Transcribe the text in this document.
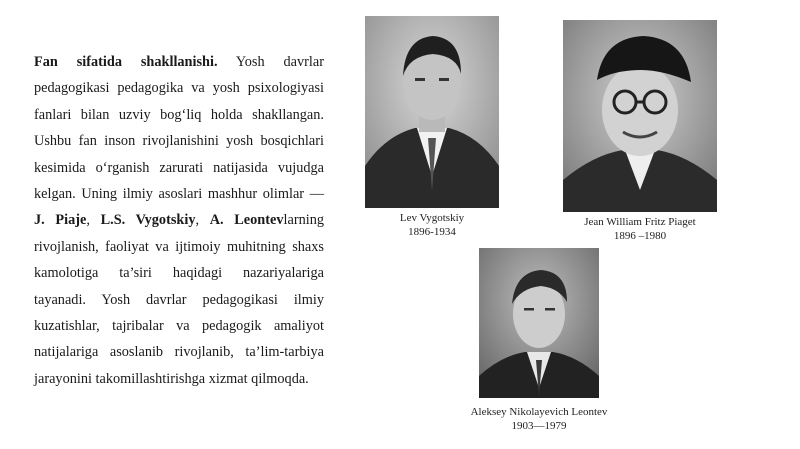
Fan sifatida shakllanishi. Yosh davrlar pedagogikasi pedagogika va yosh psixologiyasi fanlari bilan uzviy bog‘liq holda shakllangan. Ushbu fan inson rivojlanishini yosh bosqichlari kesimida o‘rganish zarurati natijasida vujudga kelgan. Uning ilmiy asoslari mashhur olimlar — J. Piaje, L.S. Vygotskiy, A. Leontevlarning rivojlanish, faoliyat va ijtimoiy muhitning shaxs kamolotiga ta’siri haqidagi nazariyalariga tayanadi. Yosh davrlar pedagogikasi ilmiy kuzatishlar, tajribalar va pedagogik amaliyot natijalariga asoslanib rivojlanib, ta’lim-tarbiya jarayonini takomillashtirishga xizmat qilmoqda.
Lev Vygotskiy
1896-1934
Jean William Fritz Piaget
1896 –1980
Aleksey Nikolayevich Leontev
1903—1979
